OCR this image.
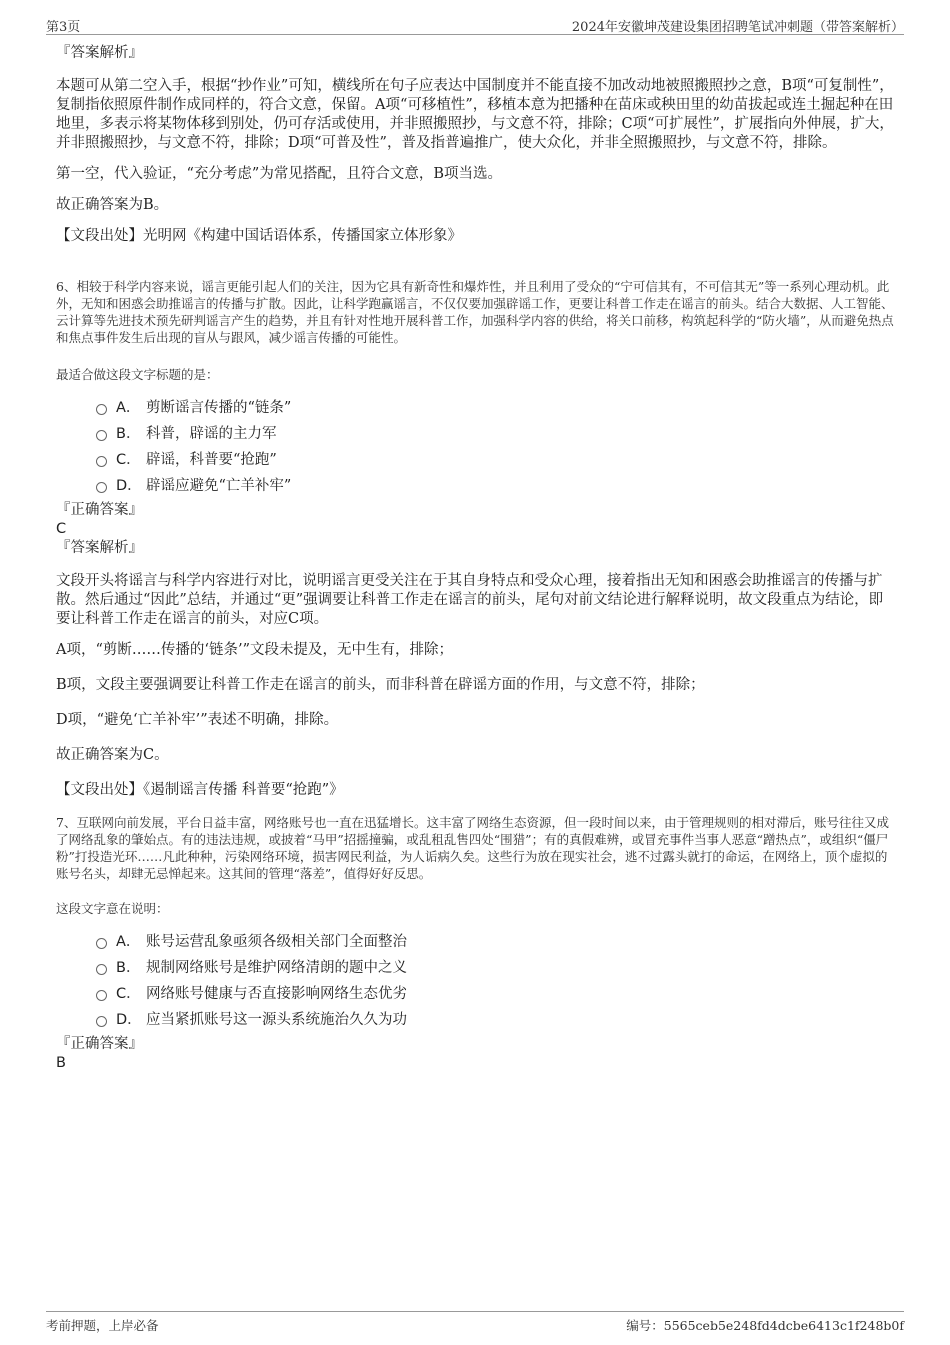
第3页	2024年安徽坤茂建设集团招聘笔试冲刺题（带答案解析）
『答案解析』

本题可从第二空入手，根据“抄作业”可知，横线所在句子应表达中国制度并不能直接不加改动地被照搬照抄之意，B项“可复制性”，复制指依照原件制作成同样的，符合文意，保留。A项“可移植性”，移植本意为把播种在苗床或秧田里的幼苗拔起或连土掘起种在田地里，多表示将某物体移到别处，仍可存活或使用，并非照搬照抄，与文意不符，排除；C项“可扩展性”，扩展指向外伸展，扩大，并非照搬照抄，与文意不符，排除；D项“可普及性”，普及指普遍推广，使大众化，并非全照搬照抄，与文意不符，排除。

第一空，代入验证，“充分考虑”为常见搭配，且符合文意，B项当选。

故正确答案为B。

【文段出处】光明网《构建中国话语体系，传播国家立体形象》

6、相较于科学内容来说，谣言更能引起人们的关注，因为它具有新奇性和爆炸性，并且利用了受众的“宁可信其有，不可信其无”等一系列心理动机。此外，无知和困惑会助推谣言的传播与扩散。因此，让科学跑赢谣言，不仅仅要加强辟谣工作，更要让科普工作走在谣言的前头。结合大数据、人工智能、云计算等先进技术预先研判谣言产生的趋势，并且有针对性地开展科普工作，加强科学内容的供给，将关口前移，构筑起科学的“防火墙”，从而避免热点和焦点事件发生后出现的盲从与跟风，减少谣言传播的可能性。

最适合做这段文字标题的是：

A． 剪断谣言传播的“链条”
B． 科普，辟谣的主力军
C． 辟谣，科普要“抢跑”
D． 辟谣应避免“亡羊补牢”
『正确答案』
C
『答案解析』

文段开头将谣言与科学内容进行对比，说明谣言更受关注在于其自身特点和受众心理，接着指出无知和困惑会助推谣言的传播与扩散。然后通过“因此”总结，并通过“更”强调要让科普工作走在谣言的前头，尾句对前文结论进行解释说明，故文段重点为结论，即要让科普工作走在谣言的前头，对应C项。

A项，“剪断……传播的‘链条’”文段未提及，无中生有，排除；

B项，文段主要强调要让科普工作走在谣言的前头，而非科普在辟谣方面的作用，与文意不符，排除；

D项，“避免‘亡羊补牢’”表述不明确，排除。

故正确答案为C。

【文段出处】《遏制谣言传播 科普要“抢跑”》

7、互联网向前发展，平台日益丰富，网络账号也一直在迅猛增长。这丰富了网络生态资源，但一段时间以来，由于管理规则的相对滞后，账号往往又成了网络乱象的肇始点。有的违法违规，或披着“马甲”招摇撞骗，或乱租乱售四处“围猎”；有的真假难辨，或冒充事件当事人恶意“蹭热点”，或组织“僵尸粉”打投造光环……凡此种种，污染网络环境，损害网民利益，为人诟病久矣。这些行为放在现实社会，逃不过露头就打的命运，在网络上，顶个虚拟的账号名头，却肆无忌惮起来。这其间的管理“落差”，值得好好反思。

这段文字意在说明：

A． 账号运营乱象亟须各级相关部门全面整治
B． 规制网络账号是维护网络清朗的题中之义
C． 网络账号健康与否直接影响网络生态优劣
D． 应当紧抓账号这一源头系统施治久久为功
『正确答案』
B
考前押题，上岸必备	编号：5565ceb5e248fd4dcbe6413c1f248b0f
